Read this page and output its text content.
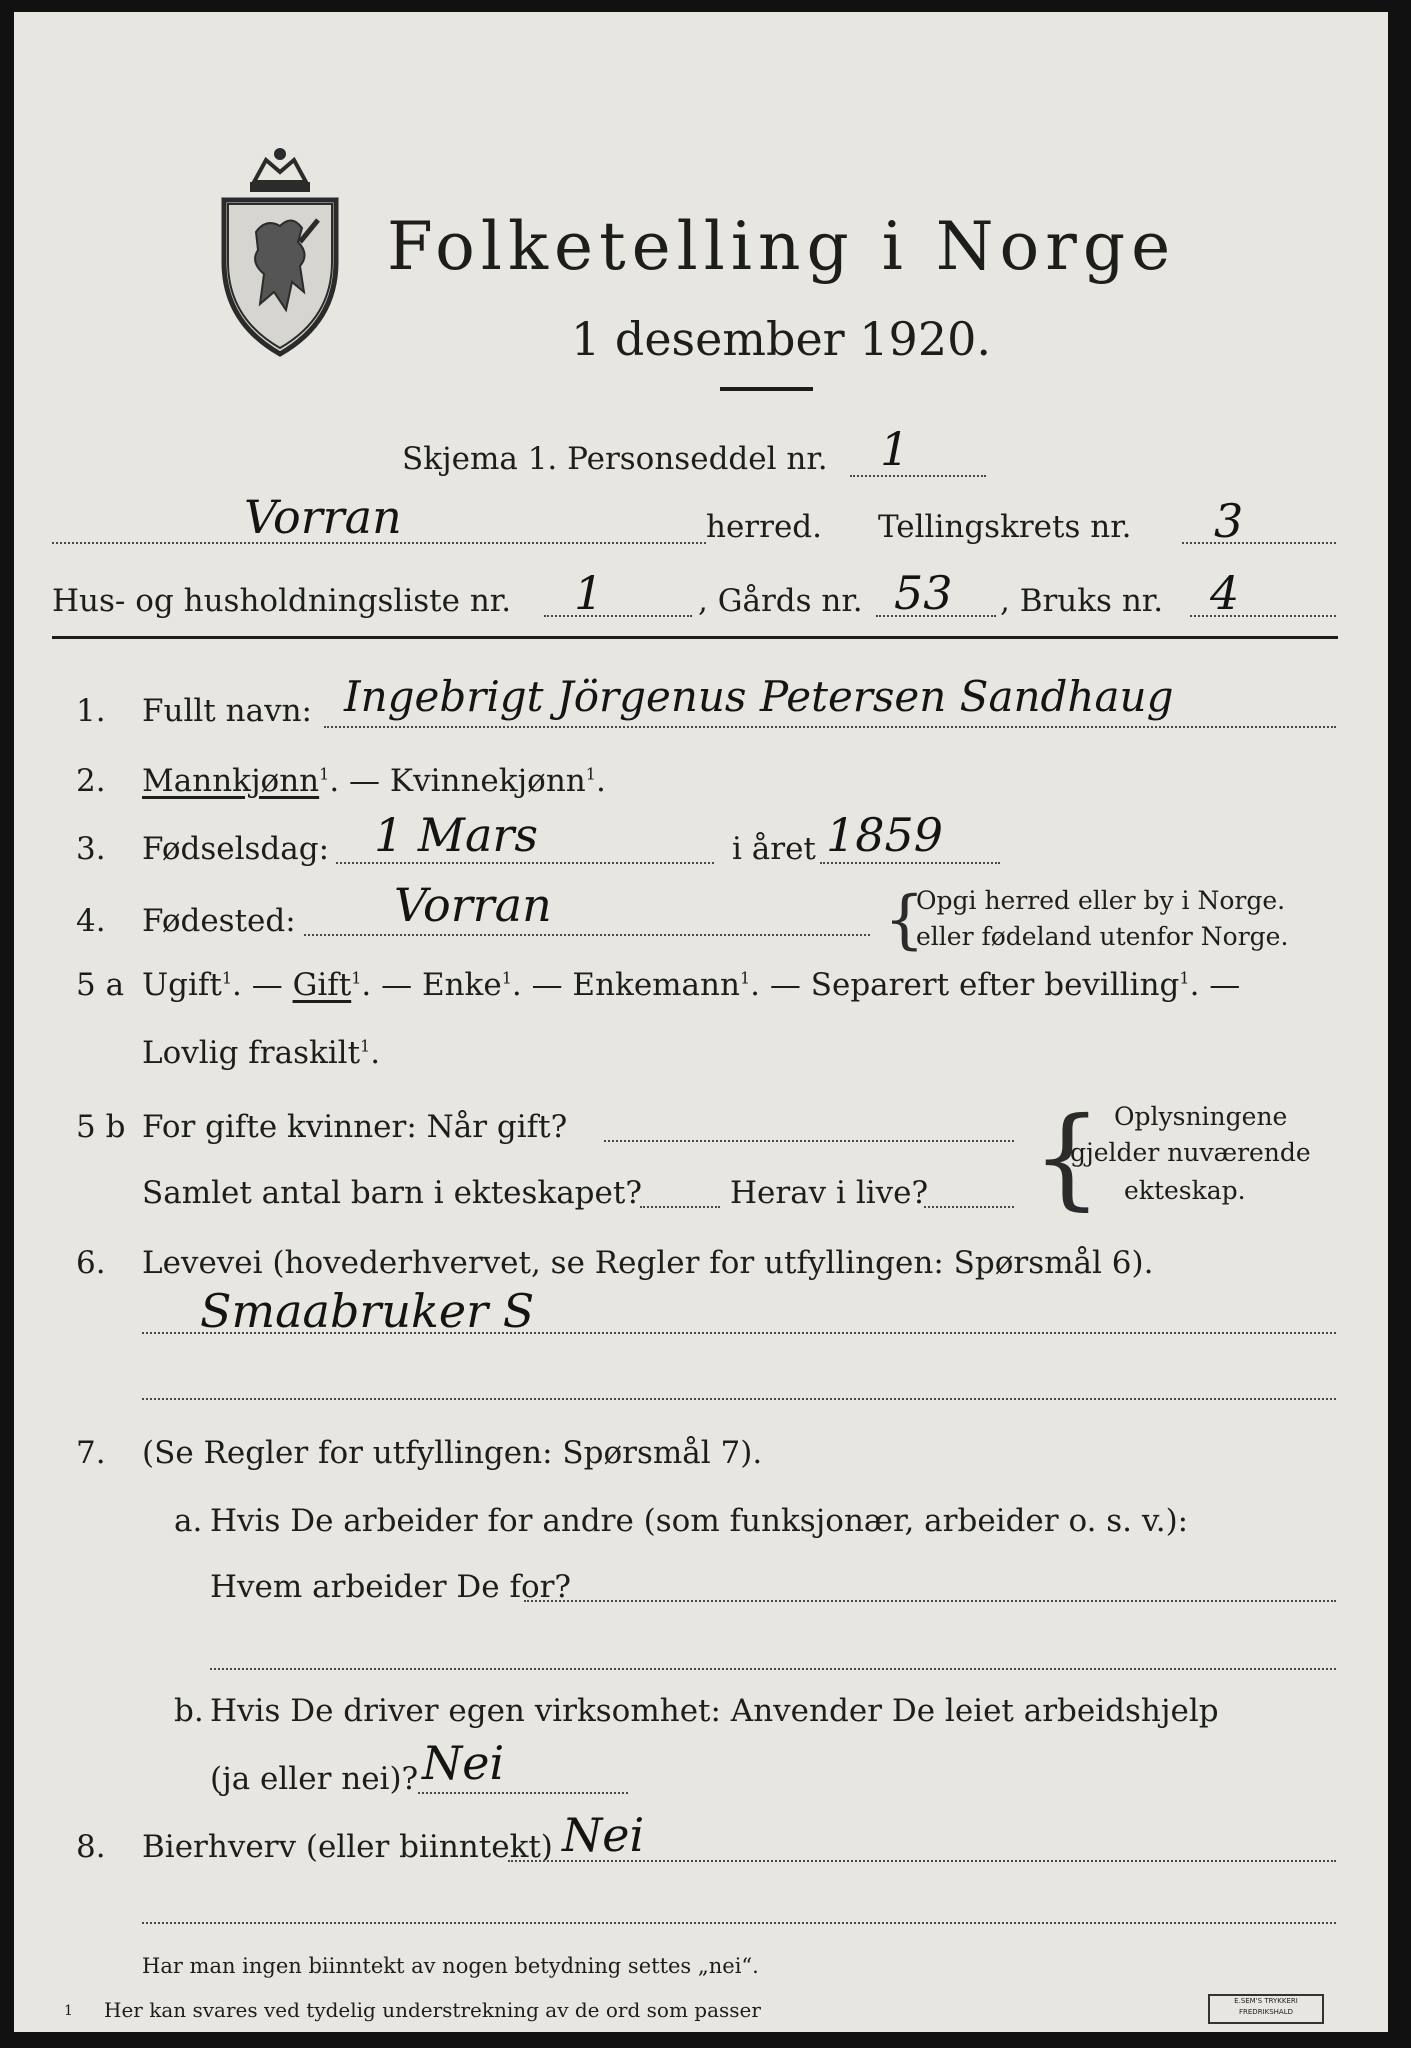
Folketelling i Norge
1 desember 1920.
Skjema 1. Personseddel nr. 1
Vorran	herred. Tellingskrets nr. 3
Hus- og husholdningsliste nr. 1	, Gårds nr. 53 , Bruks nr. 4
1. Fullt navn: Ingebrigt Jörgenus Petersen Sandhaug
2. Mannkjønn$^1$. — Kvinnekjønn$^1$.
3. Fødselsdag: 1 Mars	i året 1859
4. Fødested: Vorran	{
Opgi herred eller by i Norge.
eller fødeland utenfor Norge.
5 a Ugift$^1$. — Gift$^1$. — Enke$^1$. — Enkemann$^1$. — Separert efter bevilling$^1$. —
Lovlig fraskilt$^1$.
5 b For gifte kvinner: Når gift?
Samlet antal barn i ekteskapet?	Herav i live? { Oplysningene
gjelder nuværende
ekteskap.
6. Levevei (hovederhvervet, se Regler for utfyllingen: Spørsmål 6).
Smaabruker S
7. (Se Regler for utfyllingen: Spørsmål 7).
a. Hvis De arbeider for andre (som funksjonær, arbeider o. s. v.):
Hvem arbeider De for?
b. Hvis De driver egen virksomhet: Anvender De leiet arbeidshjelp
(ja eller nei)? Nei
8. Bierhverv (eller biinntekt) Nei
Har man ingen biinntekt av nogen betydning settes „nei“.
1 Her kan svares ved tydelig understrekning av de ord som passer	E.SEM'S TRYKKERI
FREDRIKSHALD
